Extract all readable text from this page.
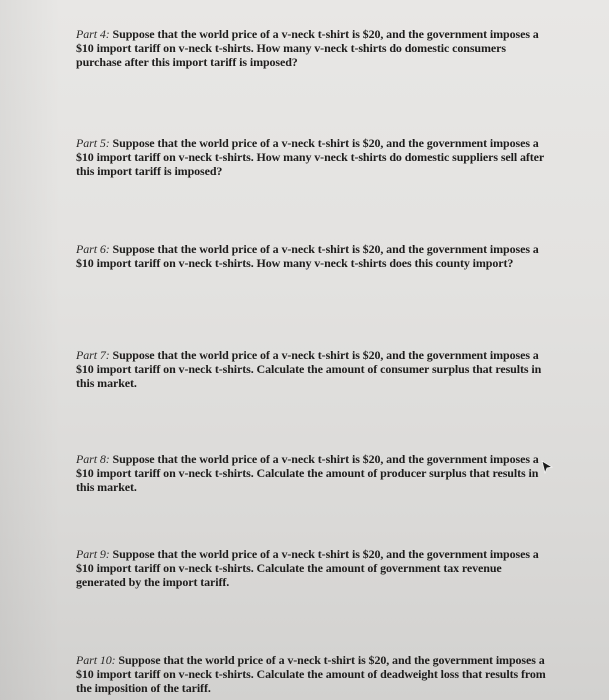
Part 4: Suppose that the world price of a v-neck t-shirt is $20, and the government imposes a $10 import tariff on v-neck t-shirts. How many v-neck t-shirts do domestic consumers purchase after this import tariff is imposed?
Part 5: Suppose that the world price of a v-neck t-shirt is $20, and the government imposes a $10 import tariff on v-neck t-shirts. How many v-neck t-shirts do domestic suppliers sell after this import tariff is imposed?
Part 6: Suppose that the world price of a v-neck t-shirt is $20, and the government imposes a $10 import tariff on v-neck t-shirts. How many v-neck t-shirts does this county import?
Part 7: Suppose that the world price of a v-neck t-shirt is $20, and the government imposes a $10 import tariff on v-neck t-shirts. Calculate the amount of consumer surplus that results in this market.
Part 8: Suppose that the world price of a v-neck t-shirt is $20, and the government imposes a $10 import tariff on v-neck t-shirts. Calculate the amount of producer surplus that results in this market.
Part 9: Suppose that the world price of a v-neck t-shirt is $20, and the government imposes a $10 import tariff on v-neck t-shirts. Calculate the amount of government tax revenue generated by the import tariff.
Part 10: Suppose that the world price of a v-neck t-shirt is $20, and the government imposes a $10 import tariff on v-neck t-shirts. Calculate the amount of deadweight loss that results from the imposition of the tariff.
